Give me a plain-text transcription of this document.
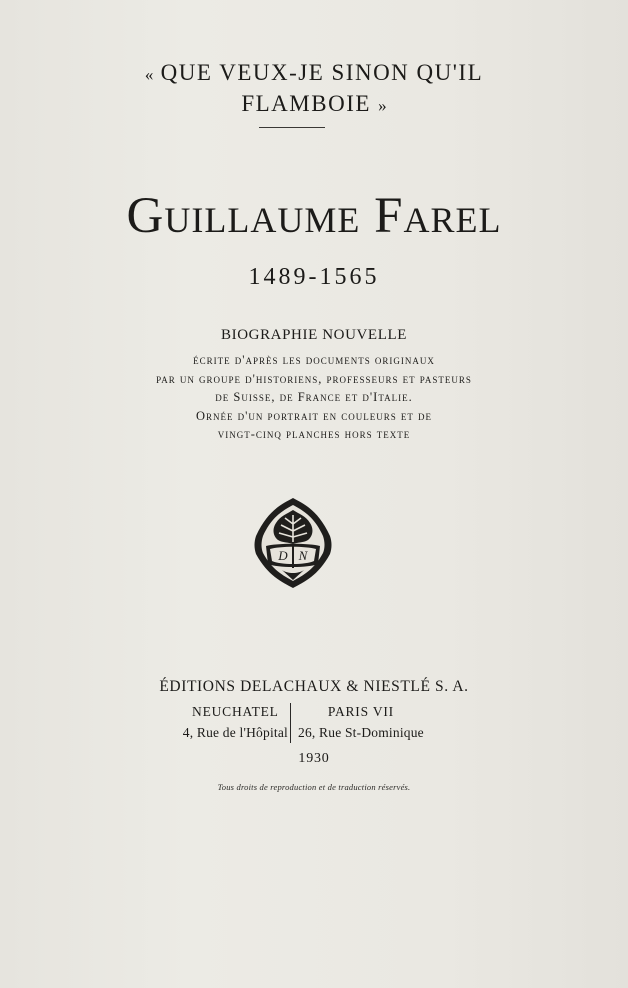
« QUE VEUX-JE SINON QU'IL
FLAMBOIE »
Guillaume Farel
1489-1565
BIOGRAPHIE NOUVELLE
écrite d'après les documents originaux
par un groupe d'historiens, professeurs et pasteurs
de Suisse, de France et d'Italie.
Ornée d'un portrait en couleurs et de
vingt-cinq planches hors texte
D N
ÉDITIONS DELACHAUX & NIESTLÉ S. A.
NEUCHATEL
4, Rue de l'Hôpital
PARIS VII
26, Rue St-Dominique
1930
Tous droits de reproduction et de traduction réservés.
